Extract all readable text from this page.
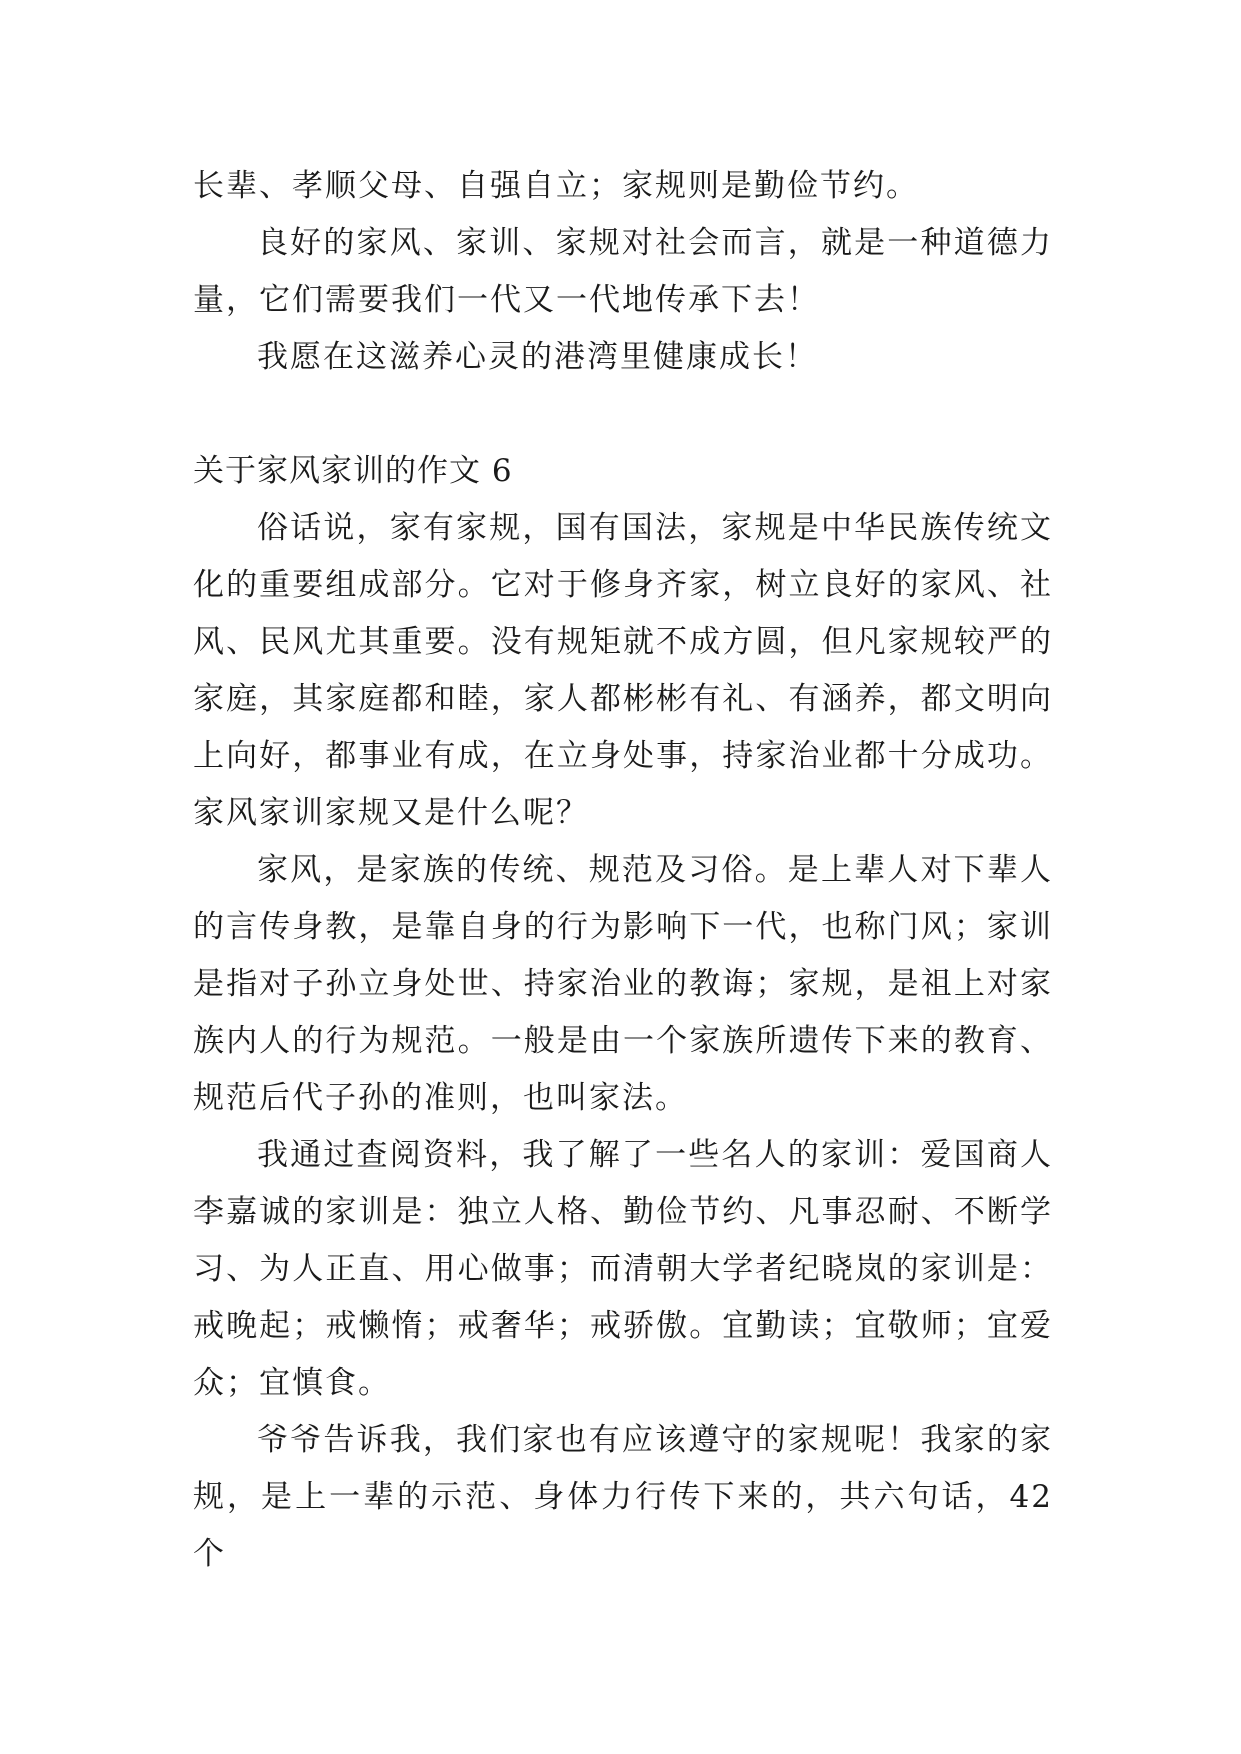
长辈、孝顺父母、自强自立；家规则是勤俭节约。
良好的家风、家训、家规对社会而言，就是一种道德力
量，它们需要我们一代又一代地传承下去！
我愿在这滋养心灵的港湾里健康成长！
关于家风家训的作文 6
俗话说，家有家规，国有国法，家规是中华民族传统文
化的重要组成部分。它对于修身齐家，树立良好的家风、社
风、民风尤其重要。没有规矩就不成方圆，但凡家规较严的
家庭，其家庭都和睦，家人都彬彬有礼、有涵养，都文明向
上向好，都事业有成，在立身处事，持家治业都十分成功。
家风家训家规又是什么呢？
家风，是家族的传统、规范及习俗。是上辈人对下辈人
的言传身教，是靠自身的行为影响下一代，也称门风；家训
是指对子孙立身处世、持家治业的教诲；家规，是祖上对家
族内人的行为规范。一般是由一个家族所遗传下来的教育、
规范后代子孙的准则，也叫家法。
我通过查阅资料，我了解了一些名人的家训：爱国商人
李嘉诚的家训是：独立人格、勤俭节约、凡事忍耐、不断学
习、为人正直、用心做事；而清朝大学者纪晓岚的家训是：
戒晚起；戒懒惰；戒奢华；戒骄傲。宜勤读；宜敬师；宜爱
众；宜慎食。
爷爷告诉我，我们家也有应该遵守的家规呢！我家的家
规，是上一辈的示范、身体力行传下来的，共六句话，42 个
